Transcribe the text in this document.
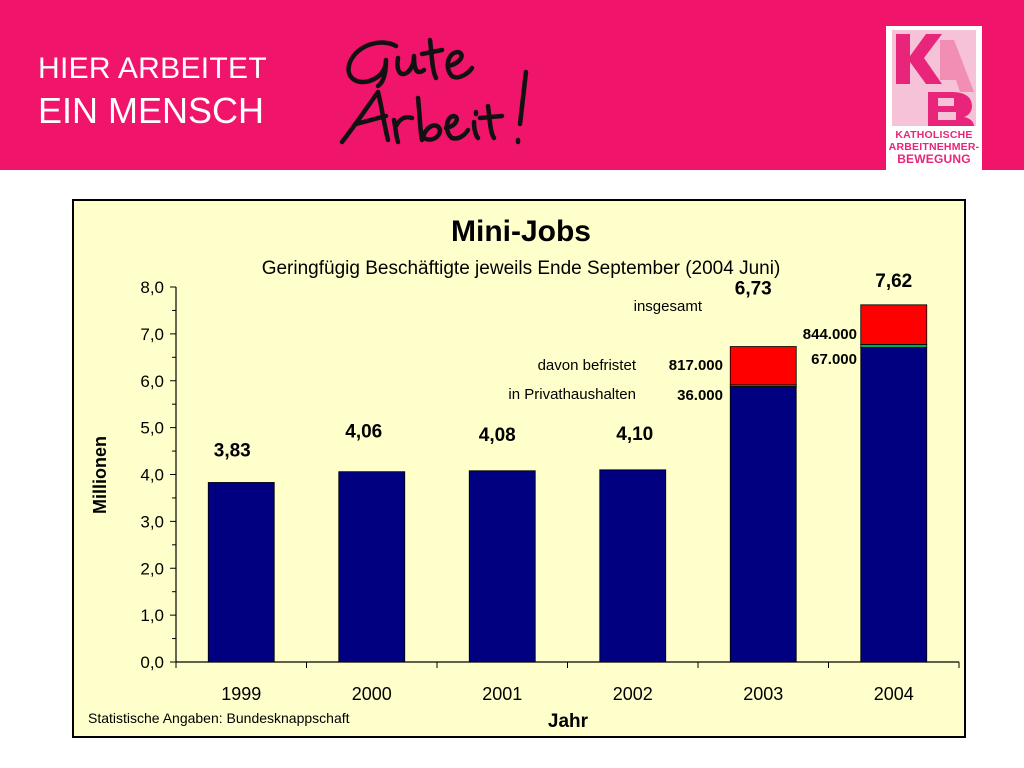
HIER ARBEITET
EIN MENSCH
KATHOLISCHE
ARBEITNEHMER-
BEWEGUNG
Mini-Jobs
Geringfügig Beschäftigte jeweils Ende September (2004 Juni)
0,0
1,0
2,0
3,0
4,0
5,0
6,0
7,0
8,0
1999	2000	2001	2002	2003	2004
3,83
4,06	4,08	4,10
6,73	7,62
insgesamt
davon befristet
in Privathaushalten
817.000
36.000
844.000
67.000
Millionen
Jahr
Statistische Angaben: Bundesknappschaft
